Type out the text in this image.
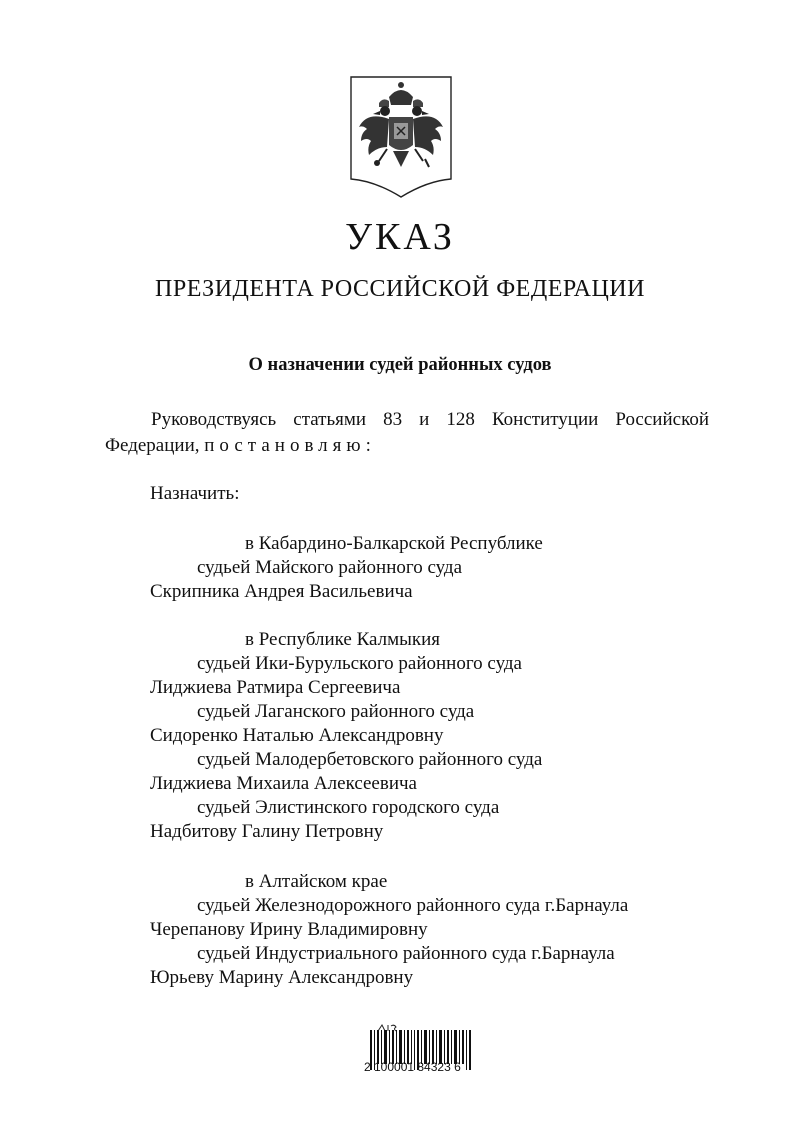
УКАЗ
ПРЕЗИДЕНТА РОССИЙСКОЙ ФЕДЕРАЦИИ
О назначении судей районных судов
Руководствуясь статьями 83 и 128 Конституции Российской
Федерации, постановляю:
Назначить:
в Кабардино-Балкарской Республике
судьей Майского районного суда
Скрипника Андрея Васильевича
в Республике Калмыкия
судьей Ики-Бурульского районного суда
Лиджиева Ратмира Сергеевича
судьей Лаганского районного суда
Сидоренко Наталью Александровну
судьей Малодербетовского районного суда
Лиджиева Михаила Алексеевича
судьей Элистинского городского суда
Надбитову Галину Петровну
в Алтайском крае
судьей Железнодорожного районного суда г.Барнаула
Черепанову Ирину Владимировну
судьей Индустриального районного суда г.Барнаула
Юрьеву Марину Александровну
2 100001 84323 6
